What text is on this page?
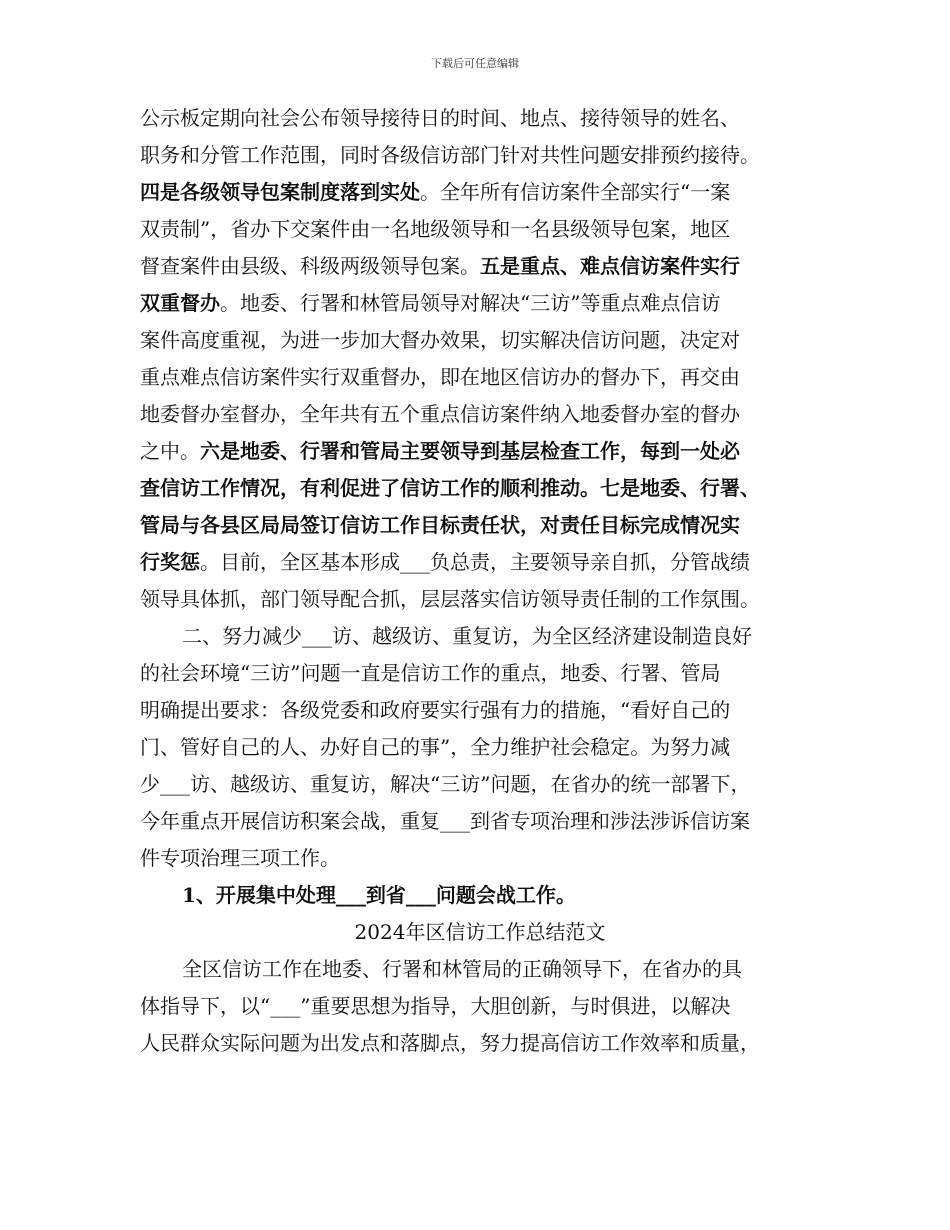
下载后可任意编辑
公示板定期向社会公布领导接待日的时间、地点、接待领导的姓名、
职务和分管工作范围，同时各级信访部门针对共性问题安排预约接待。
四是各级领导包案制度落到实处。全年所有信访案件全部实行“一案
双责制”，省办下交案件由一名地级领导和一名县级领导包案，地区
督查案件由县级、科级两级领导包案。五是重点、难点信访案件实行
双重督办。地委、行署和林管局领导对解决“三访”等重点难点信访
案件高度重视，为进一步加大督办效果，切实解决信访问题，决定对
重点难点信访案件实行双重督办，即在地区信访办的督办下，再交由
地委督办室督办，全年共有五个重点信访案件纳入地委督办室的督办
之中。六是地委、行署和管局主要领导到基层检查工作，每到一处必
查信访工作情况，有利促进了信访工作的顺利推动。七是地委、行署、
管局与各县区局局签订信访工作目标责任状，对责任目标完成情况实
行奖惩。目前，全区基本形成___负总责，主要领导亲自抓，分管战绩
领导具体抓，部门领导配合抓，层层落实信访领导责任制的工作氛围。
二、努力减少___访、越级访、重复访，为全区经济建设制造良好
的社会环境“三访”问题一直是信访工作的重点，地委、行署、管局
明确提出要求：各级党委和政府要实行强有力的措施，“看好自己的
门、管好自己的人、办好自己的事”，全力维护社会稳定。为努力减
少___访、越级访、重复访，解决“三访”问题，在省办的统一部署下，
今年重点开展信访积案会战，重复___到省专项治理和涉法涉诉信访案
件专项治理三项工作。
1、开展集中处理___到省___问题会战工作。
2024年区信访工作总结范文
全区信访工作在地委、行署和林管局的正确领导下，在省办的具
体指导下，以“___”重要思想为指导，大胆创新，与时俱进，以解决
人民群众实际问题为出发点和落脚点，努力提高信访工作效率和质量，
